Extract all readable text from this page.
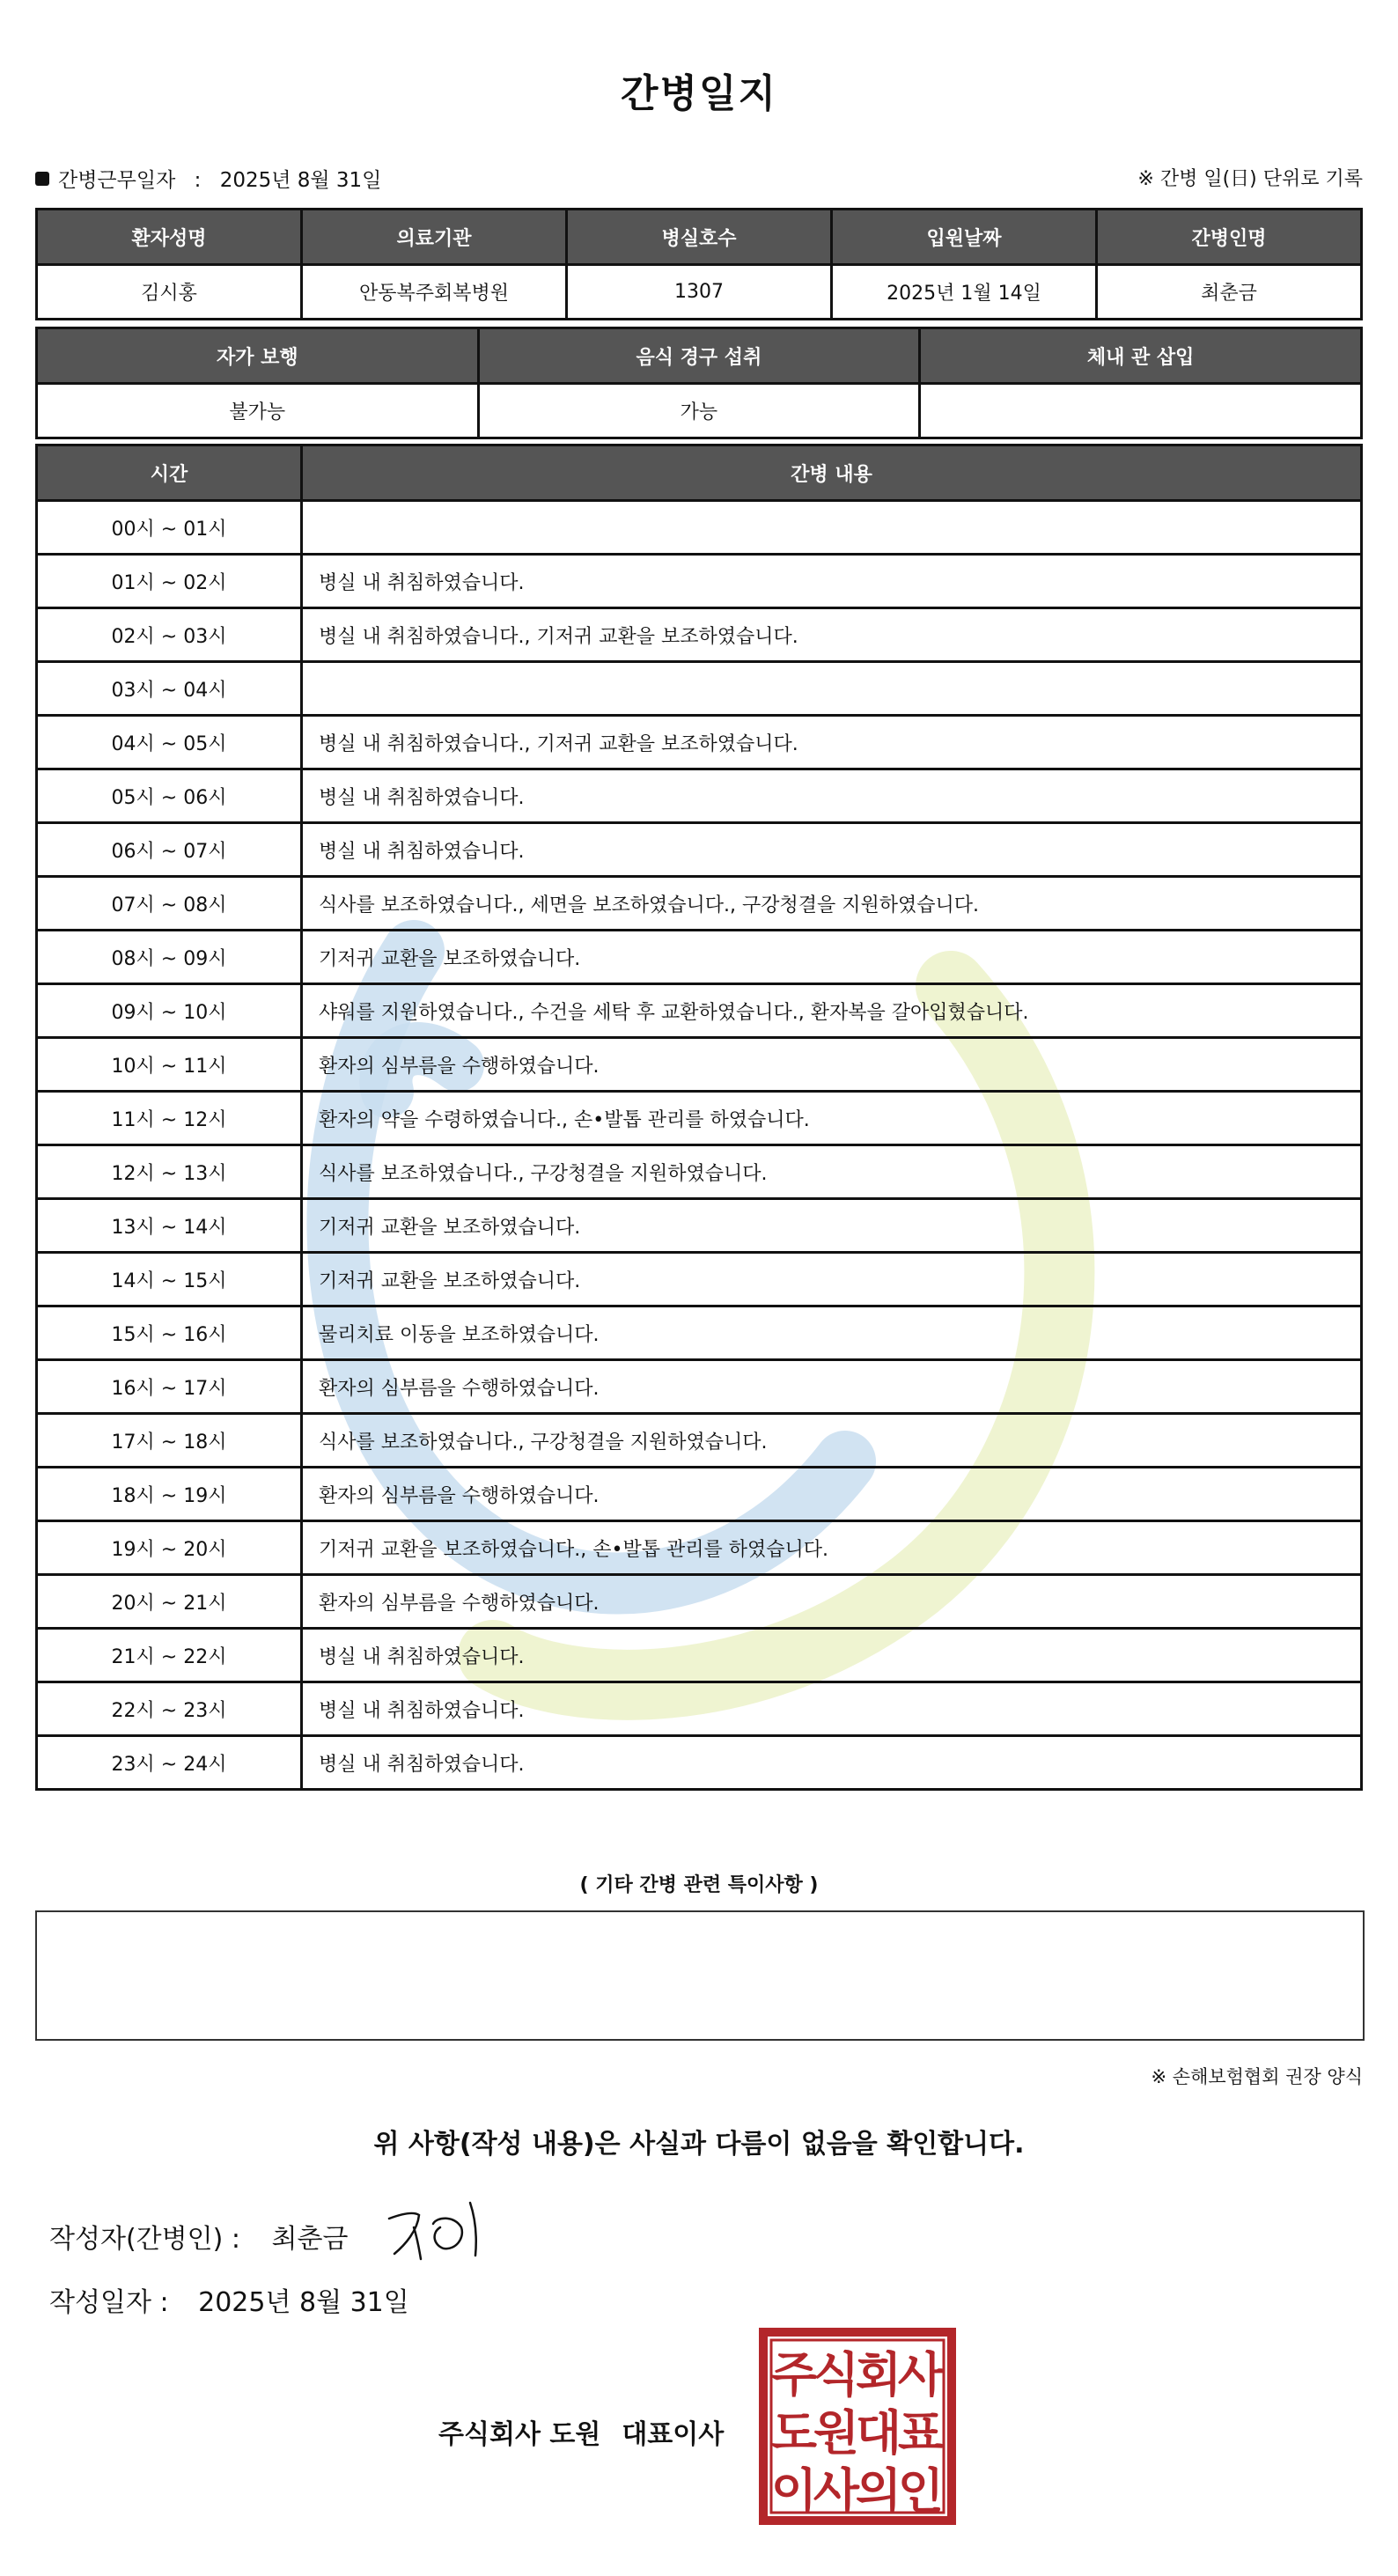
간병일지
간병근무일자 : 2025년 8월 31일	※ 간병 일(日) 단위로 기록
환자성명	의료기관	병실호수	입원날짜	간병인명
김시홍	안동복주회복병원	1307	2025년 1월 14일	최춘금
자가 보행	음식 경구 섭취	체내 관 삽입
불가능	가능	
시간	간병 내용
00시 ~ 01시	
01시 ~ 02시	병실 내 취침하였습니다.
02시 ~ 03시	병실 내 취침하였습니다., 기저귀 교환을 보조하였습니다.
03시 ~ 04시	
04시 ~ 05시	병실 내 취침하였습니다., 기저귀 교환을 보조하였습니다.
05시 ~ 06시	병실 내 취침하였습니다.
06시 ~ 07시	병실 내 취침하였습니다.
07시 ~ 08시	식사를 보조하였습니다., 세면을 보조하였습니다., 구강청결을 지원하였습니다.
08시 ~ 09시	기저귀 교환을 보조하였습니다.
09시 ~ 10시	샤워를 지원하였습니다., 수건을 세탁 후 교환하였습니다., 환자복을 갈아입혔습니다.
10시 ~ 11시	환자의 심부름을 수행하였습니다.
11시 ~ 12시	환자의 약을 수령하였습니다., 손•발톱 관리를 하였습니다.
12시 ~ 13시	식사를 보조하였습니다., 구강청결을 지원하였습니다.
13시 ~ 14시	기저귀 교환을 보조하였습니다.
14시 ~ 15시	기저귀 교환을 보조하였습니다.
15시 ~ 16시	물리치료 이동을 보조하였습니다.
16시 ~ 17시	환자의 심부름을 수행하였습니다.
17시 ~ 18시	식사를 보조하였습니다., 구강청결을 지원하였습니다.
18시 ~ 19시	환자의 심부름을 수행하였습니다.
19시 ~ 20시	기저귀 교환을 보조하였습니다., 손•발톱 관리를 하였습니다.
20시 ~ 21시	환자의 심부름을 수행하였습니다.
21시 ~ 22시	병실 내 취침하였습니다.
22시 ~ 23시	병실 내 취침하였습니다.
23시 ~ 24시	병실 내 취침하였습니다.
( 기타 간병 관련 특이사항 )
※ 손해보험협회 권장 양식
위 사항(작성 내용)은 사실과 다름이 없음을 확인합니다.
작성자(간병인) : 최춘금
작성일자 : 2025년 8월 31일
주식회사 도원 대표이사
주
식
회
사
도
원
대
표
이
사
의
인
